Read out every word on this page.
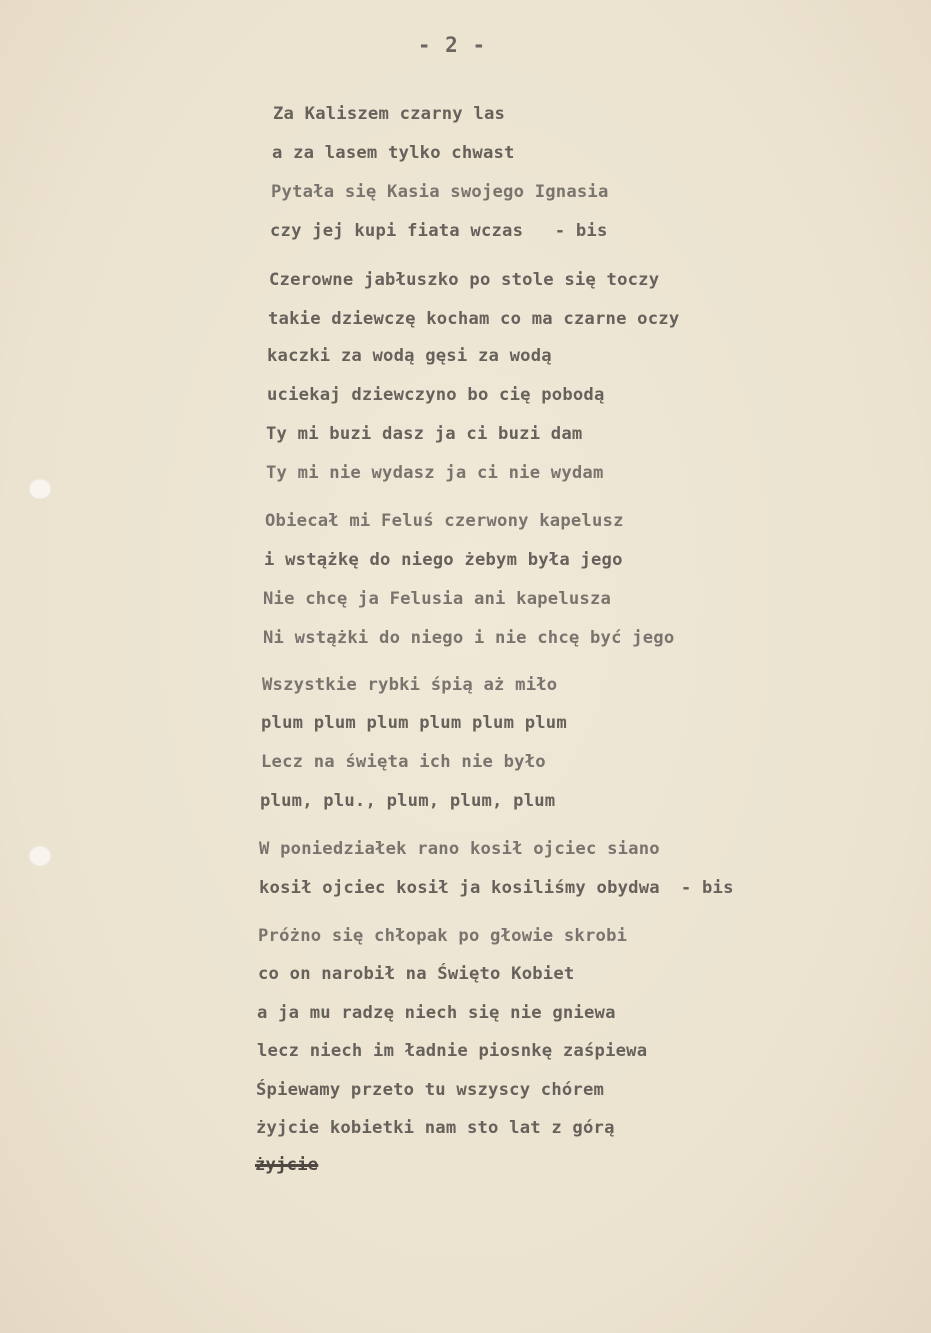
- 2 -
Za Kaliszem czarny las
a za lasem tylko chwast
Pytała się Kasia swojego Ignasia
czy jej kupi fiata wczas   - bis
Czerowne jabłuszko po stole się toczy
takie dziewczę kocham co ma czarne oczy
kaczki za wodą gęsi za wodą
uciekaj dziewczyno bo cię pobodą
Ty mi buzi dasz ja ci buzi dam
Ty mi nie wydasz ja ci nie wydam
Obiecał mi Feluś czerwony kapelusz
i wstążkę do niego żebym była jego
Nie chcę ja Felusia ani kapelusza
Ni wstążki do niego i nie chcę być jego
Wszystkie rybki śpią aż miło
plum plum plum plum plum plum
Lecz na święta ich nie było
plum, plu., plum, plum, plum
W poniedziałek rano kosił ojciec siano
kosił ojciec kosił ja kosiliśmy obydwa  - bis
Próżno się chłopak po głowie skrobi
co on narobił na Święto Kobiet
a ja mu radzę niech się nie gniewa
lecz niech im ładnie piosnkę zaśpiewa
Śpiewamy przeto tu wszyscy chórem
żyjcie kobietki nam sto lat z górą
żyjcie
